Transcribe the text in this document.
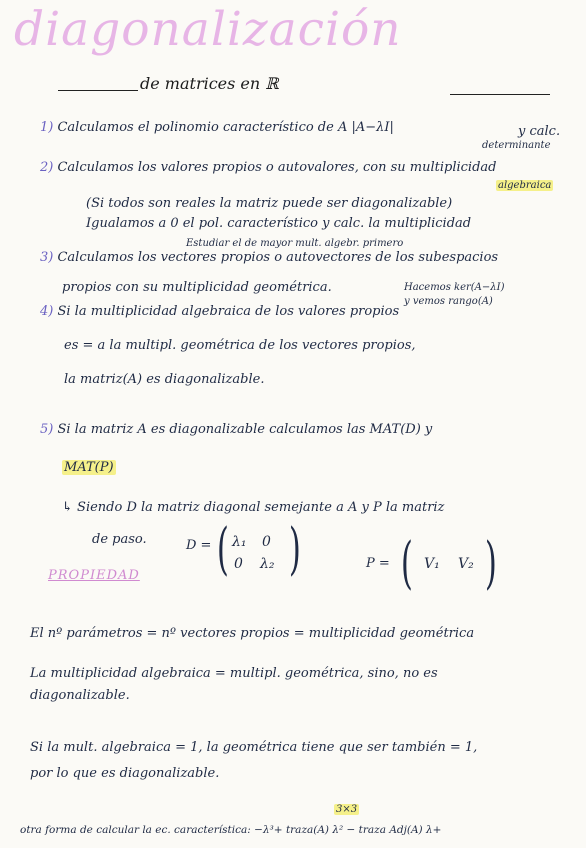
diagonalización
de matrices en ℝ
1) Calculamos el polinomio característico de A |A−λI|	y calc.
determinante
2) Calculamos los valores propios o autovalores, con su multiplicidad
algebraica
(Si todos son reales la matriz puede ser diagonalizable)
Igualamos a 0 el pol. característico y calc. la multiplicidad
Estudiar el de mayor mult. algebr. primero
3) Calculamos los vectores propios o autovectores de los subespacios
propios con su multiplicidad geométrica.	Hacemos ker(A−λI)
y vemos rango(A)
4) Si la multiplicidad algebraica de los valores propios
es = a la multipl. geométrica de los vectores propios,
la matriz(A) es diagonalizable.
5) Si la matriz A es diagonalizable calculamos las MAT(D) y
MAT(P)
↳ Siendo D la matriz diagonal semejante a A y P la matriz
de paso.	D = ( λ₁ 0
0 λ₂ )	P = ( V₁ V₂ )
PROPIEDAD
El nº parámetros = nº vectores propios = multiplicidad geométrica
La multiplicidad algebraica = multipl. geométrica, sino, no es
diagonalizable.
Si la mult. algebraica = 1, la geométrica tiene que ser también = 1,
por lo que es diagonalizable.
3×3
otra forma de calcular la ec. característica: −λ³+ traza(A) λ² − traza Adj(A) λ+
